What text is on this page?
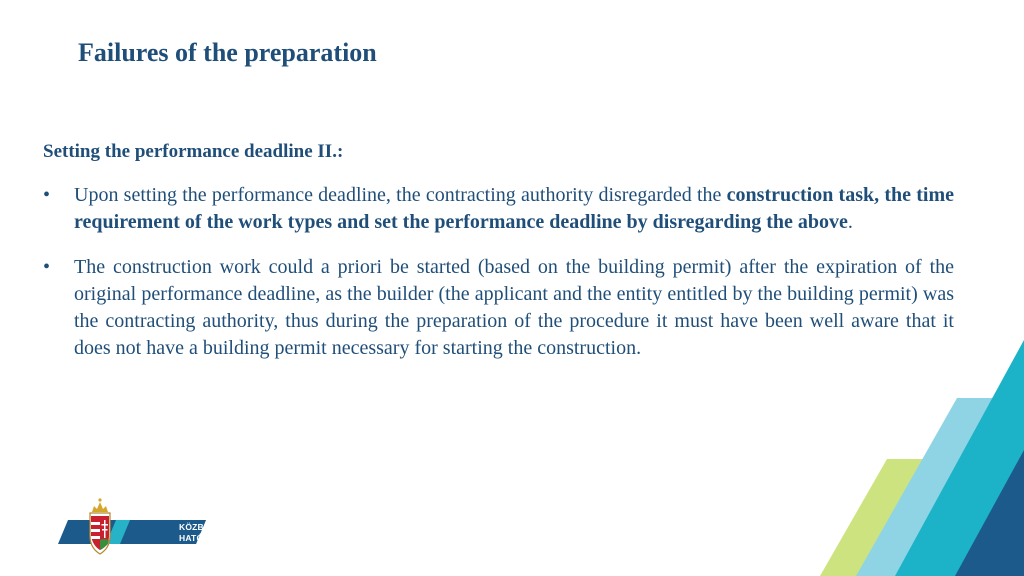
Failures of the preparation
Setting the performance deadline II.:
• Upon setting the performance deadline, the contracting authority disregarded the construction task, the time requirement of the work types and set the performance deadline by disregarding the above.
• The construction work could a priori be started (based on the building permit) after the expiration of the original performance deadline, as the builder (the applicant and the entity entitled by the building permit) was the contracting authority, thus during the preparation of the procedure it must have been well aware that it does not have a building permit necessary for starting the construction.
KÖZBESZERZÉSI
HATÓSÁG
